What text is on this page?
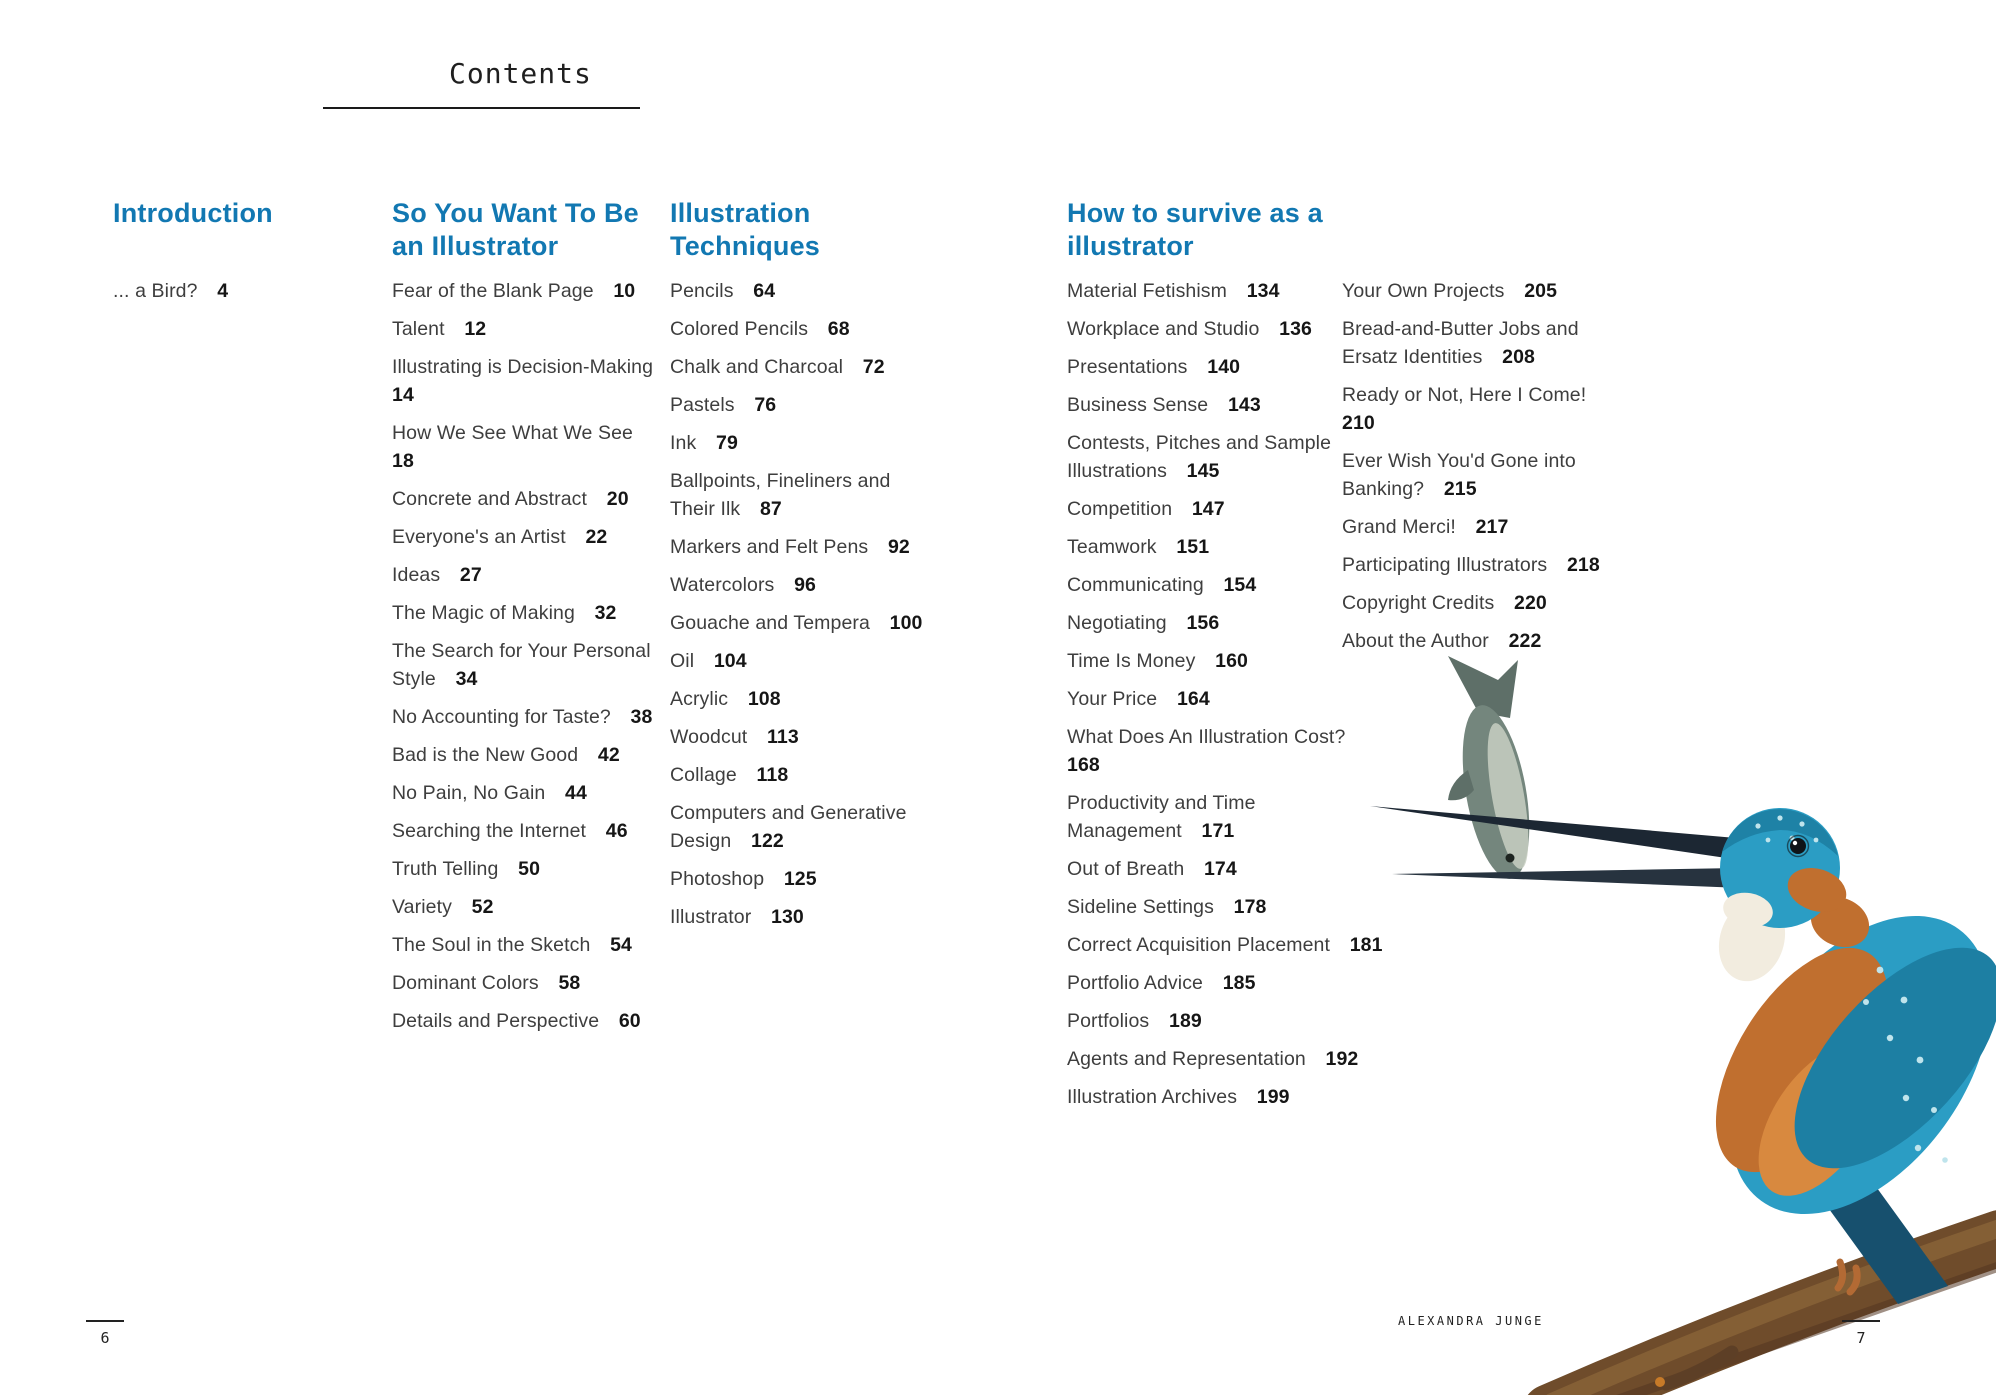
Contents
Introduction
... a Bird?   4
So You Want To Be
an Illustrator
Fear of the Blank Page   10
Talent   12
Illustrating is Decision-Making
14
How We See What We See  18
Concrete and Abstract   20
Everyone's an Artist   22
Ideas   27
The Magic of Making   32
The Search for Your Personal
Style   34
No Accounting for Taste?   38
Bad is the New Good   42
No Pain, No Gain   44
Searching the Internet   46
Truth Telling   50
Variety   52
The Soul in the Sketch   54
Dominant Colors   58
Details and Perspective   60
Illustration
Techniques
Pencils   64
Colored Pencils   68
Chalk and Charcoal   72
Pastels   76
Ink   79
Ballpoints, Fineliners and
Their Ilk   87
Markers and Felt Pens   92
Watercolors   96
Gouache and Tempera   100
Oil   104
Acrylic   108
Woodcut   113
Collage   118
Computers and Generative
Design   122
Photoshop   125
Illustrator   130
How to survive as a
illustrator
Material Fetishism   134
Workplace and Studio   136
Presentations   140
Business Sense   143
Contests, Pitches and Sample
Illustrations   145
Competition   147
Teamwork   151
Communicating   154
Negotiating   156
Time Is Money   160
Your Price   164
What Does An Illustration Cost?  168
Productivity and Time
Management   171
Out of Breath   174
Sideline Settings   178
Correct Acquisition Placement   181
Portfolio Advice   185
Portfolios   189
Agents and Representation   192
Illustration Archives   199
Your Own Projects   205
Bread-and-Butter Jobs and
Ersatz Identities   208
Ready or Not, Here I Come!
210
Ever Wish You'd Gone into
Banking?   215
Grand Merci!   217
Participating Illustrators   218
Copyright Credits   220
About the Author   222
6
ALEXANDRA JUNGE
7
